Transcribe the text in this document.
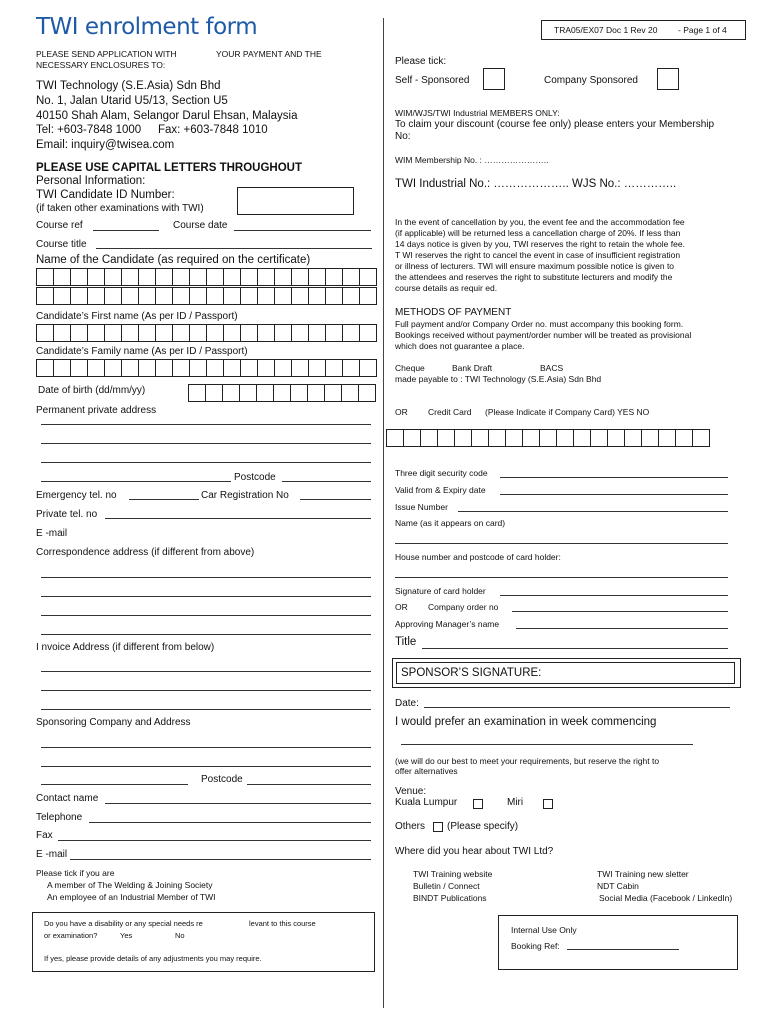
TWI enrolment form	TRA05/EX07 Doc 1 Rev 20 - Page 1 of 4
PLEASE SEND APPLICATION WITH	YOUR PAYMENT AND THE
NECESSARY ENCLOSURES TO:
TWI Technology (S.E.Asia) Sdn Bhd
No. 1, Jalan Utarid U5/13, Section U5
40150 Shah Alam, Selangor Darul Ehsan, Malaysia
Tel: +603-7848 1000 Fax: +603-7848 1010
Email: inquiry@twisea.com
PLEASE USE CAPITAL LETTERS THROUGHOUT
Personal Information:
TWI Candidate ID Number:
(if taken other examinations with TWI)
Course ref	Course date
Course title
Name of the Candidate (as required on the certificate)
Candidate’s First name (As per ID / Passport)
Candidate’s Family name (As per ID / Passport)
Date of birth (dd/mm/yy)
Permanent private address
Postcode
Emergency tel. no	Car Registration No
Private tel. no
E -mail
Correspondence address (if different from above)
I nvoice Address (if different from below)
Sponsoring Company and Address
Postcode
Contact name
Telephone
Fax
E -mail
Please tick if you are
A member of The Welding & Joining Society
An employee of an Industrial Member of TWI
Do you have a disability or any special needs re	levant to this course
or examination?	Yes	No
If yes, please provide details of any adjustments you may require.
Please tick:
Self - Sponsored	Company Sponsored
WIM/WJS/TWI Industrial MEMBERS ONLY:
To claim your discount (course fee only) please enters your Membership
No:
WIM Membership No. : …………………..
TWI Industrial No.: ……………….. WJS No.: …………..
In the event of cancellation by you, the event fee and the accommodation fee
(if applicable) will be returned less a cancellation charge of 20%. If less than
14 days notice is given by you, TWI reserves the right to retain the whole fee.
T WI reserves the right to cancel the event in case of insufficient registration
or illness of lecturers. TWI will ensure maximum possible notice is given to
the attendees and reserves the right to substitute lecturers and modify the
course details as requir ed.
METHODS OF PAYMENT
Full payment and/or Company Order no. must accompany this booking form.
Bookings received without payment/order number will be treated as provisional
which does not guarantee a place.
Cheque	Bank Draft	BACS
made payable to : TWI Technology (S.E.Asia) Sdn Bhd
OR Credit Card (Please Indicate if Company Card) YES NO
Three digit security code
Valid from & Expiry date
Issue Number
Name (as it appears on card)
House number and postcode of card holder:
Signature of card holder
OR Company order no
Approving Manager’s name
Title
SPONSOR’S SIGNATURE:
Date:
I would prefer an examination in week commencing
(we will do our best to meet your requirements, but reserve the right to
offer alternatives
Venue:
Kuala Lumpur	Miri
Others (Please specify)
Where did you hear about TWI Ltd?
TWI Training website	TWI Training new sletter
Bulletin / Connect	NDT Cabin
BINDT Publications	Social Media (Facebook / LinkedIn)
Internal Use Only
Booking Ref:
